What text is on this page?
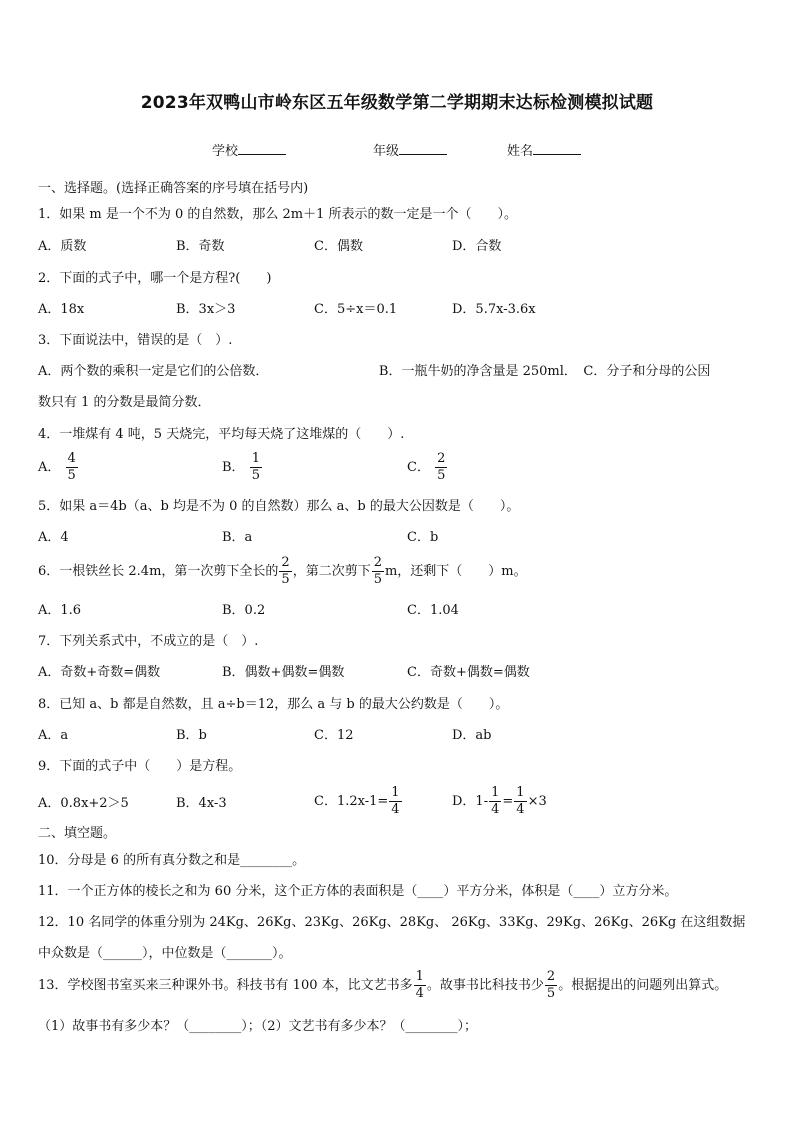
2023年双鸭山市岭东区五年级数学第二学期期末达标检测模拟试题
学校	年级	姓名
一、选择题。(选择正确答案的序号填在括号内)
1．如果 m 是一个不为 0 的自然数，那么 2m＋1 所表示的数一定是一个（　　）。
A．质数	B．奇数	C．偶数	D．合数
2．下面的式子中，哪一个是方程?(　　)
A．18x	B．3x＞3	C．5÷x＝0.1	D．5.7x-3.6x
3．下面说法中，错误的是（　）.
A．两个数的乘积一定是它们的公倍数．　　　　　　　　　B．一瓶牛奶的净含量是 250ml．　C．分子和分母的公因
数只有 1 的分数是最简分数．
4．一堆煤有 4 吨，5 天烧完，平均每天烧了这堆煤的（　　）.
A． $\frac{4}{5}$	B． $\frac{1}{5}$	C． $\frac{2}{5}$
5．如果 a＝4b（a、b 均是不为 0 的自然数）那么 a、b 的最大公因数是（　　）。
A．4	B．a	C．b
6．一根铁丝长 2.4m，第一次剪下全长的 $\frac{2}{5}$ ，第二次剪下 $\frac{2}{5}$ m，还剩下（　　）m。
A．1.6	B．0.2	C．1.04
7．下列关系式中，不成立的是（　）.
A．奇数+奇数=偶数	B．偶数+偶数=偶数	C．奇数+偶数=偶数
8．已知 a、b 都是自然数，且 a÷b＝12，那么 a 与 b 的最大公约数是（　　）。
A．a	B．b	C．12	D．ab
9．下面的式子中（　　）是方程。
A．0.8x+2＞5	B．4x-3	C．$1.2x-1= \frac{1}{4}$	D．$1- \frac{1}{4} = \frac{1}{4} \times 3$
二、填空题。
10．分母是 6 的所有真分数之和是________。
11．一个正方体的棱长之和为 60 分米，这个正方体的表面积是（____）平方分米，体积是（____）立方分米。
12．10 名同学的体重分别为 24Kg、26Kg、23Kg、26Kg、28Kg、 26Kg、33Kg、29Kg、26Kg、26Kg 在这组数据
中众数是（______），中位数是（_______）。
13．学校图书室买来三种课外书。科技书有 100 本，比文艺书多 $\frac{1}{4}$ 。故事书比科技书少 $\frac{2}{5}$ 。根据提出的问题列出算式。
（1）故事书有多少本？（________）；（2）文艺书有多少本？（________）；
